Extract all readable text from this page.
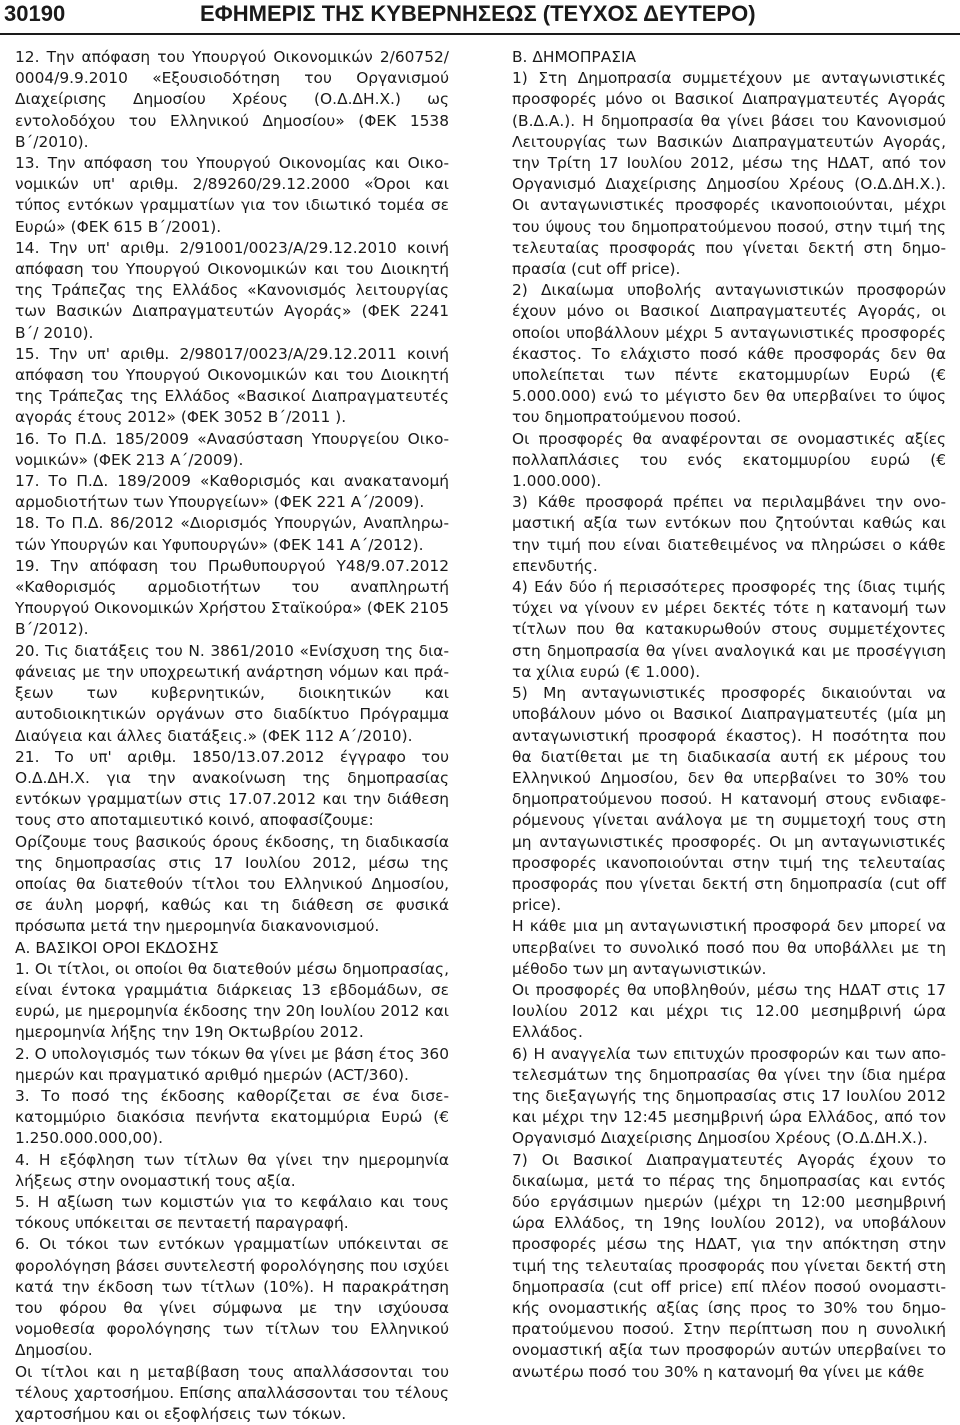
30190	ΕΦΗΜΕΡΙΣ ΤΗΣ ΚΥΒΕΡΝΗΣΕΩΣ (ΤΕΥΧΟΣ ΔΕΥΤΕΡΟ)

12. Την απόφαση του Υπουργού Οικονομικών 2/60752/ 0004/9.9.2010 «Εξουσιοδότηση του Οργανισμού Διαχείρισης Δημοσίου Χρέους (Ο.Δ.ΔΗ.Χ.) ως εντολοδόχου του Ελληνικού Δημοσίου» (ΦΕΚ 1538 Β΄/2010).

13. Την απόφαση του Υπουργού Οικονομίας και Οικονομικών υπ' αριθμ. 2/89260/29.12.2000 «Όροι και τύπος εντόκων γραμματίων για τον ιδιωτικό τομέα σε Ευρώ» (ΦΕΚ 615 Β΄/2001).

14. Την υπ' αριθμ. 2/91001/0023/Α/29.12.2010 κοινή απόφαση του Υπουργού Οικονομικών και του Διοικητή της Τράπεζας της Ελλάδος «Κανονισμός λειτουργίας των Βασικών Διαπραγματευτών Αγοράς» (ΦΕΚ 2241 Β΄/ 2010).

15. Την υπ' αριθμ. 2/98017/0023/Α/29.12.2011 κοινή απόφαση του Υπουργού Οικονομικών και του Διοικητή της Τράπεζας της Ελλάδος «Βασικοί Διαπραγματευτές αγοράς έτους 2012» (ΦΕΚ 3052 Β΄/2011 ).

16. Το Π.Δ. 185/2009 «Ανασύσταση Υπουργείου Οικονομικών» (ΦΕΚ 213 Α΄/2009).

17. Το Π.Δ. 189/2009 «Καθορισμός και ανακατανομή αρμοδιοτήτων των Υπουργείων» (ΦΕΚ 221 Α΄/2009).

18. Το Π.Δ. 86/2012 «Διορισμός Υπουργών, Αναπληρωτών Υπουργών και Υφυπουργών» (ΦΕΚ 141 Α΄/2012).

19. Την απόφαση του Πρωθυπουργού Υ48/9.07.2012 «Καθορισμός αρμοδιοτήτων του αναπληρωτή Υπουργού Οικονομικών Χρήστου Σταϊκούρα» (ΦΕΚ 2105 Β΄/2012).

20. Τις διατάξεις του Ν. 3861/2010 «Ενίσχυση της διαφάνειας με την υποχρεωτική ανάρτηση νόμων και πράξεων των κυβερνητικών, διοικητικών και αυτοδιοικητικών οργάνων στο διαδίκτυο Πρόγραμμα Διαύγεια και άλλες διατάξεις.» (ΦΕΚ 112 Α΄/2010).

21. Το υπ' αριθμ. 1850/13.07.2012 έγγραφο του Ο.Δ.ΔΗ.Χ. για την ανακοίνωση της δημοπρασίας εντόκων γραμματίων στις 17.07.2012 και την διάθεση τους στο αποταμιευτικό κοινό, αποφασίζουμε:

Ορίζουμε τους βασικούς όρους έκδοσης, τη διαδικασία της δημοπρασίας στις 17 Ιουλίου 2012, μέσω της οποίας θα διατεθούν τίτλοι του Ελληνικού Δημοσίου, σε άυλη μορφή, καθώς και τη διάθεση σε φυσικά πρόσωπα μετά την ημερομηνία διακανονισμού.

Α. ΒΑΣΙΚΟΙ ΟΡΟΙ ΕΚΔΟΣΗΣ

1. Οι τίτλοι, οι οποίοι θα διατεθούν μέσω δημοπρασίας, είναι έντοκα γραμμάτια διάρκειας 13 εβδομάδων, σε ευρώ, με ημερομηνία έκδοσης την 20η Ιουλίου 2012 και ημερομηνία λήξης την 19η Οκτωβρίου 2012.

2. Ο υπολογισμός των τόκων θα γίνει με βάση έτος 360 ημερών και πραγματικό αριθμό ημερών (ACT/360).

3. Το ποσό της έκδοσης καθορίζεται σε ένα δισεκατομμύριο διακόσια πενήντα εκατομμύρια Ευρώ (€ 1.250.000.000,00).

4. Η εξόφληση των τίτλων θα γίνει την ημερομηνία λήξεως στην ονομαστική τους αξία.

5. Η αξίωση των κομιστών για το κεφάλαιο και τους τόκους υπόκειται σε πενταετή παραγραφή.

6. Οι τόκοι των εντόκων γραμματίων υπόκεινται σε φορολόγηση βάσει συντελεστή φορολόγησης που ισχύει κατά την έκδοση των τίτλων (10%). Η παρακράτηση του φόρου θα γίνει σύμφωνα με την ισχύουσα νομοθεσία φορολόγησης των τίτλων του Ελληνικού Δημοσίου.

Οι τίτλοι και η μεταβίβαση τους απαλλάσσονται του τέλους χαρτοσήμου. Επίσης απαλλάσσονται του τέλους χαρτοσήμου και οι εξοφλήσεις των τόκων.

Β. ΔΗΜΟΠΡΑΣΙΑ

1) Στη Δημοπρασία συμμετέχουν με ανταγωνιστικές προσφορές μόνο οι Βασικοί Διαπραγματευτές Αγοράς (Β.Δ.Α.). Η δημοπρασία θα γίνει βάσει του Κανονισμού Λειτουργίας των Βασικών Διαπραγματευτών Αγοράς, την Τρίτη 17 Ιουλίου 2012, μέσω της ΗΔΑΤ, από τον Οργανισμό Διαχείρισης Δημοσίου Χρέους (Ο.Δ.ΔΗ.Χ.). Οι ανταγωνιστικές προσφορές ικανοποιούνται, μέχρι του ύψους του δημοπρατούμενου ποσού, στην τιμή της τελευταίας προσφοράς που γίνεται δεκτή στη δημοπρασία (cut off price).

2) Δικαίωμα υποβολής ανταγωνιστικών προσφορών έχουν μόνο οι Βασικοί Διαπραγματευτές Αγοράς, οι οποίοι υποβάλλουν μέχρι 5 ανταγωνιστικές προσφορές έκαστος. Το ελάχιστο ποσό κάθε προσφοράς δεν θα υπολείπεται των πέντε εκατομμυρίων Ευρώ (€ 5.000.000) ενώ το μέγιστο δεν θα υπερβαίνει το ύψος του δημοπρατούμενου ποσού.

Οι προσφορές θα αναφέρονται σε ονομαστικές αξίες πολλαπλάσιες του ενός εκατομμυρίου ευρώ (€ 1.000.000).

3) Κάθε προσφορά πρέπει να περιλαμβάνει την ονομαστική αξία των εντόκων που ζητούνται καθώς και την τιμή που είναι διατεθειμένος να πληρώσει ο κάθε επενδυτής.

4) Εάν δύο ή περισσότερες προσφορές της ίδιας τιμής τύχει να γίνουν εν μέρει δεκτές τότε η κατανομή των τίτλων που θα κατακυρωθούν στους συμμετέχοντες στη δημοπρασία θα γίνει αναλογικά και με προσέγγιση τα χίλια ευρώ (€ 1.000).

5) Μη ανταγωνιστικές προσφορές δικαιούνται να υποβάλουν μόνο οι Βασικοί Διαπραγματευτές (μία μη ανταγωνιστική προσφορά έκαστος). Η ποσότητα που θα διατίθεται με τη διαδικασία αυτή εκ μέρους του Ελληνικού Δημοσίου, δεν θα υπερβαίνει το 30% του δημοπρατούμενου ποσού. Η κατανομή στους ενδιαφερόμενους γίνεται ανάλογα με τη συμμετοχή τους στη μη ανταγωνιστικές προσφορές. Οι μη ανταγωνιστικές προσφορές ικανοποιούνται στην τιμή της τελευταίας προσφοράς που γίνεται δεκτή στη δημοπρασία (cut off price).

Η κάθε μια μη ανταγωνιστική προσφορά δεν μπορεί να υπερβαίνει το συνολικό ποσό που θα υποβάλλει με τη μέθοδο των μη ανταγωνιστικών.

Οι προσφορές θα υποβληθούν, μέσω της ΗΔΑΤ στις 17 Ιουλίου 2012 και μέχρι τις 12.00 μεσημβρινή ώρα Ελλάδος.

6) Η αναγγελία των επιτυχών προσφορών και των αποτελεσμάτων της δημοπρασίας θα γίνει την ίδια ημέρα της διεξαγωγής της δημοπρασίας στις 17 Ιουλίου 2012 και μέχρι την 12:45 μεσημβρινή ώρα Ελλάδος, από τον Οργανισμό Διαχείρισης Δημοσίου Χρέους (Ο.Δ.ΔΗ.Χ.).

7) Οι Βασικοί Διαπραγματευτές Αγοράς έχουν το δικαίωμα, μετά το πέρας της δημοπρασίας και εντός δύο εργάσιμων ημερών (μέχρι τη 12:00 μεσημβρινή ώρα Ελλάδος, τη 19ης Ιουλίου 2012), να υποβάλουν προσφορές μέσω της ΗΔΑΤ, για την απόκτηση στην τιμή της τελευταίας προσφοράς που γίνεται δεκτή στη δημοπρασία (cut off price) επί πλέον ποσού ονομαστικής ονομαστικής αξίας ίσης προς το 30% του δημοπρατούμενου ποσού. Στην περίπτωση που η συνολική ονομαστική αξία των προσφορών αυτών υπερβαίνει το ανωτέρω ποσό του 30% η κατανομή θα γίνει με κάθε
